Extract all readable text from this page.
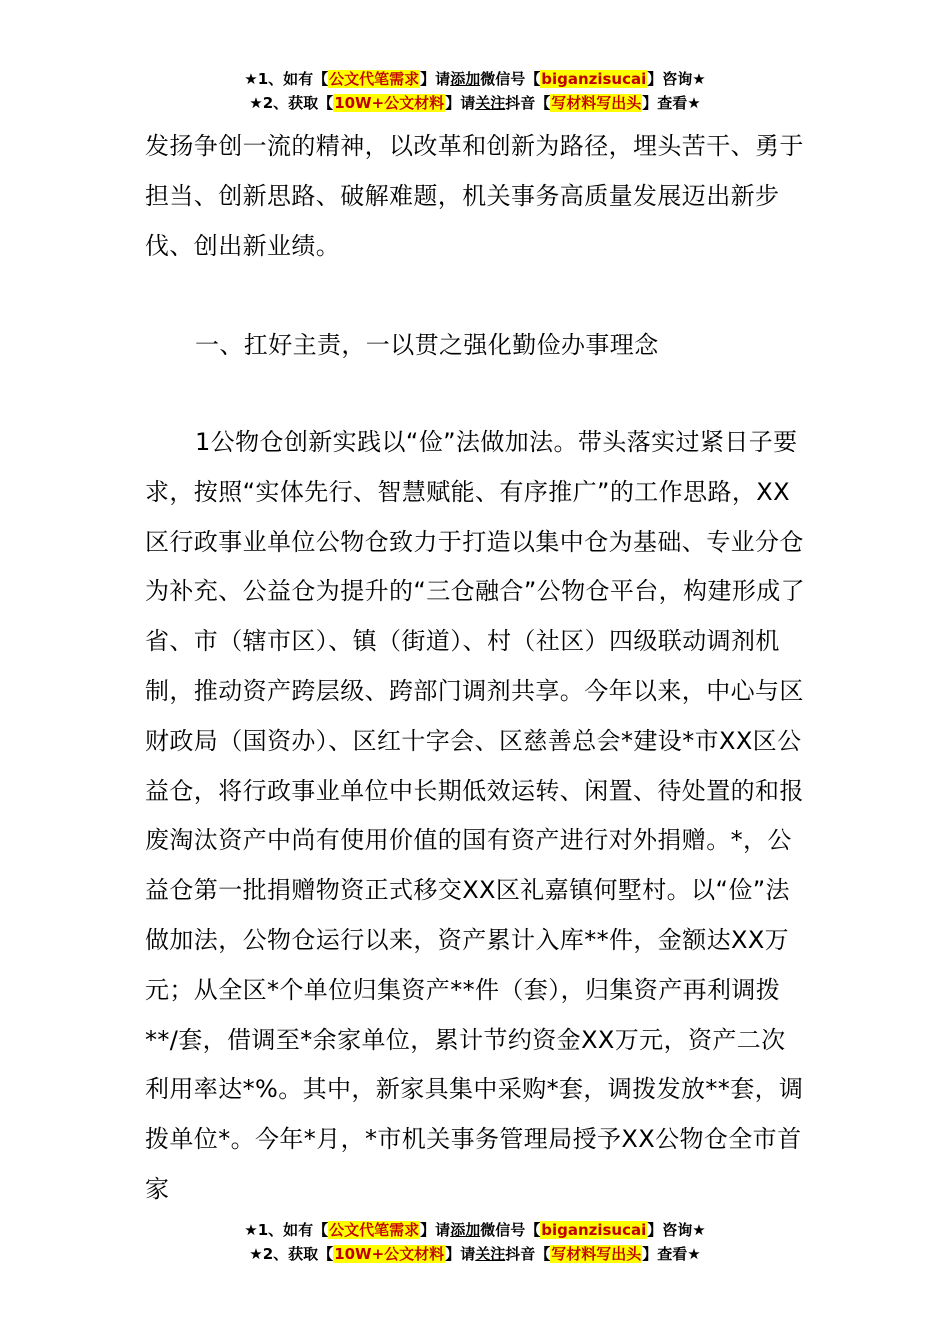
★1、如有【公文代笔需求】请添加微信号【biganzisucai】咨询★
★2、获取【10W+公文材料】请关注抖音【写材料写出头】查看★

发扬争创一流的精神，以改革和创新为路径，埋头苦干、勇于担当、创新思路、破解难题，机关事务高质量发展迈出新步伐、创出新业绩。

一、扛好主责，一以贯之强化勤俭办事理念

1公物仓创新实践以“俭”法做加法。带头落实过紧日子要求，按照“实体先行、智慧赋能、有序推广”的工作思路，XX区行政事业单位公物仓致力于打造以集中仓为基础、专业分仓为补充、公益仓为提升的“三仓融合”公物仓平台，构建形成了省、市（辖市区）、镇（街道）、村（社区）四级联动调剂机制，推动资产跨层级、跨部门调剂共享。今年以来，中心与区财政局（国资办）、区红十字会、区慈善总会*建设*市XX区公益仓，将行政事业单位中长期低效运转、闲置、待处置的和报废淘汰资产中尚有使用价值的国有资产进行对外捐赠。*，公益仓第一批捐赠物资正式移交XX区礼嘉镇何墅村。以“俭”法做加法，公物仓运行以来，资产累计入库**件，金额达XX万元；从全区*个单位归集资产**件（套），归集资产再利调拨**/套，借调至*余家单位，累计节约资金XX万元，资产二次利用率达*%。其中，新家具集中采购*套，调拨发放**套，调拨单位*。今年*月，*市机关事务管理局授予XX公物仓全市首家

★1、如有【公文代笔需求】请添加微信号【biganzisucai】咨询★
★2、获取【10W+公文材料】请关注抖音【写材料写出头】查看★
